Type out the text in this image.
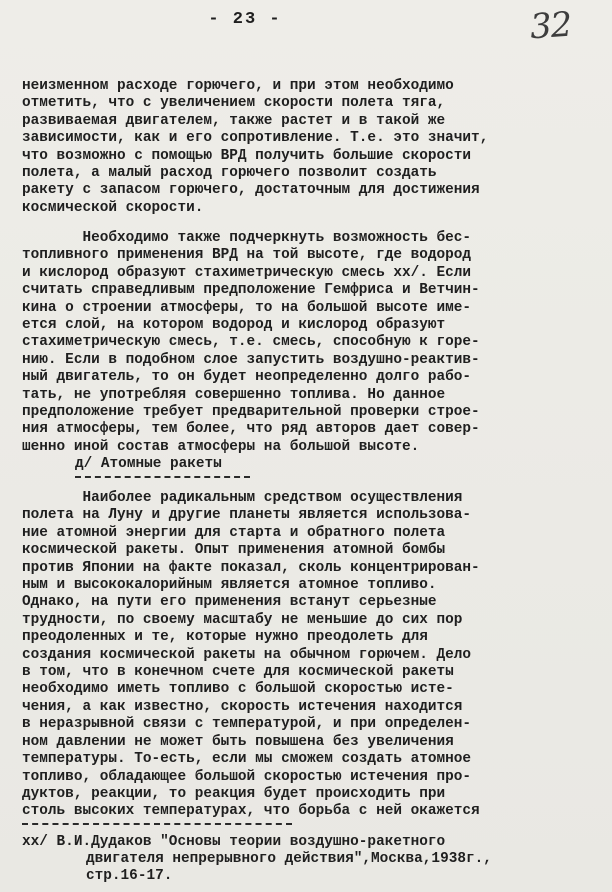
- 23 -	32
неизменном расходе горючего, и при этом необходимо
отметить, что с увеличением скорости полета тяга,
развиваемая двигателем, также растет и в такой же
зависимости, как и его сопротивление. Т.е. это значит,
что возможно с помощью ВРД получить большие скорости
полета, а малый расход горючего позволит создать
ракету с запасом горючего, достаточным для достижения
космической скорости.
Необходимо также подчеркнуть возможность бес-
топливного применения ВРД на той высоте, где водород
и кислород образуют стахиметрическую смесь xx/. Если
считать справедливым предположение Гемфриса и Ветчин-
кина о строении атмосферы, то на большой высоте име-
ется слой, на котором водород и кислород образуют
стахиметрическую смесь, т.е. смесь, способную к горе-
нию. Если в подобном слое запустить воздушно-реактив-
ный двигатель, то он будет неопределенно долго рабо-
тать, не употребляя совершенно топлива. Но данное
предположение требует предварительной проверки строе-
ния атмосферы, тем более, что ряд авторов дает совер-
шенно иной состав атмосферы на большой высоте.
д/ Атомные ракеты
Наиболее радикальным средством осуществления
полета на Луну и другие планеты является использова-
ние атомной энергии для старта и обратного полета
космической ракеты. Опыт применения атомной бомбы
против Японии на факте показал, сколь концентрирован-
ным и высококалорийным является атомное топливо.
Однако, на пути его применения встанут серьезные
трудности, по своему масштабу не меньшие до сих пор
преодоленных и те, которые нужно преодолеть для
создания космической ракеты на обычном горючем. Дело
в том, что в конечном счете для космической ракеты
необходимо иметь топливо с большой скоростью исте-
чения, а как известно, скорость истечения находится
в неразрывной связи с температурой, и при определен-
ном давлении не может быть повышена без увеличения
температуры. То-есть, если мы сможем создать атомное
топливо, обладающее большой скоростью истечения про-
дуктов, реакции, то реакция будет происходить при
столь высоких температурах, что борьба с ней окажется
xx/ В.И.Дудаков "Основы теории воздушно-ракетного
двигателя непрерывного действия",Москва,1938г.,
стр.16-17.
